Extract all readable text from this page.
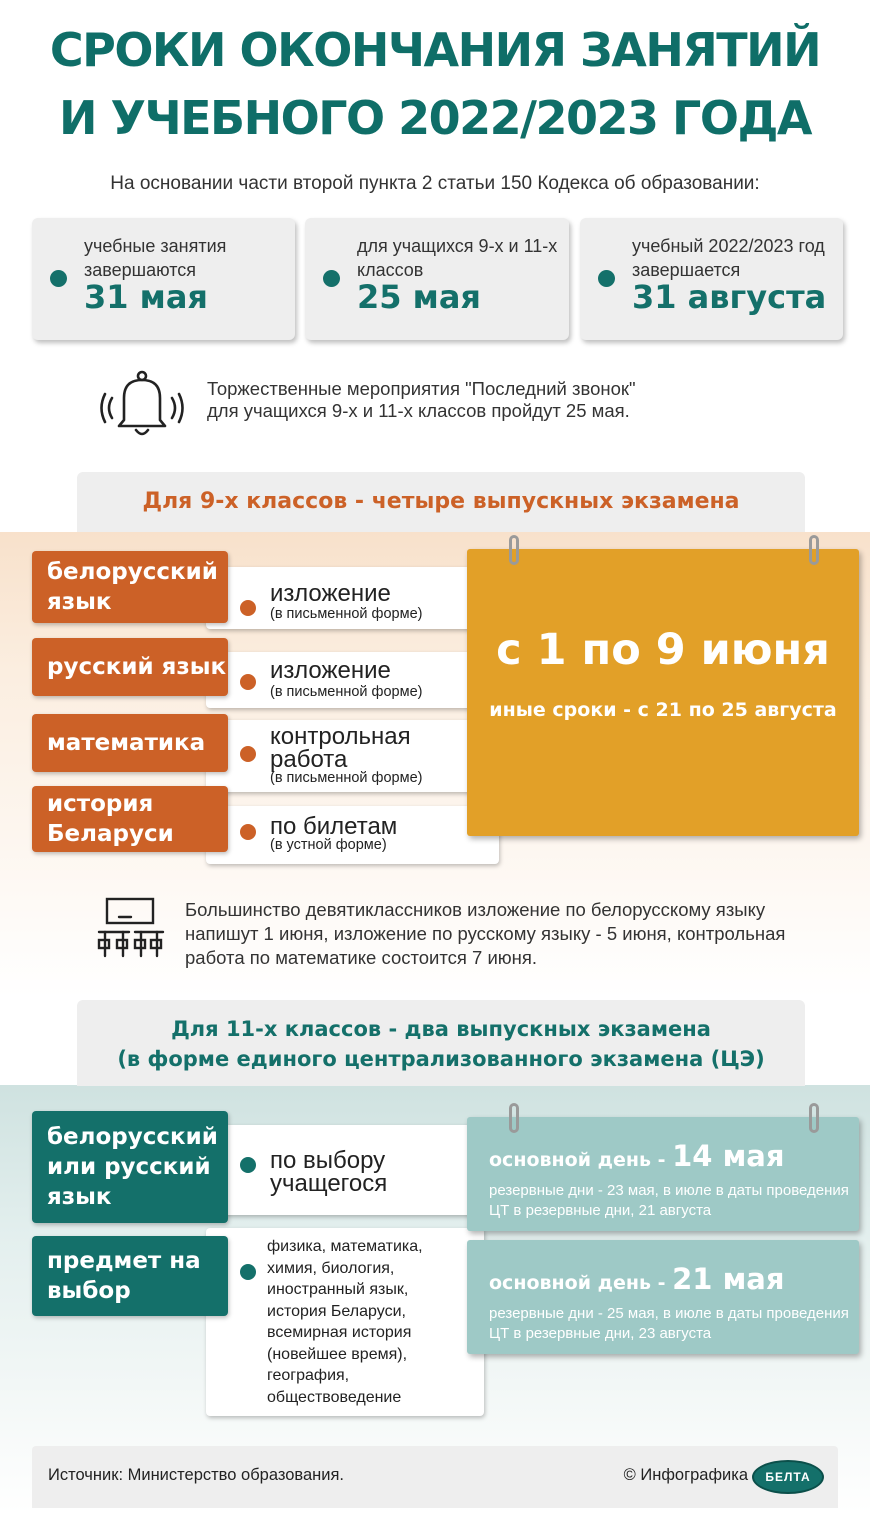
СРОКИ ОКОНЧАНИЯ ЗАНЯТИЙ
И УЧЕБНОГО 2022/2023 ГОДА
На основании части второй пункта 2 статьи 150 Кодекса об образовании:
учебные занятия завершаются
31 мая
для учащихся 9-х и 11-х классов
25 мая
учебный 2022/2023 год завершается
31 августа
Торжественные мероприятия "Последний звонок"
для учащихся 9-х и 11-х классов пройдут 25 мая.
Для 9-х классов - четыре выпускных экзамена
изложение
(в письменной форме)
изложение
(в письменной форме)
контрольная работа
(в письменной форме)
по билетам
(в устной форме)
белорусский язык
русский язык
математика
история Беларуси
с 1 по 9 июня
иные сроки - с 21 по 25 августа
Большинство девятиклассников изложение по белорусскому языку напишут 1 июня, изложение по русскому языку - 5 июня, контрольная работа по математике состоится 7 июня.
Для 11-х классов - два выпускных экзамена
(в форме единого централизованного экзамена (ЦЭ)
по выбору учащегося
физика, математика, химия, биология, иностранный язык, история Беларуси, всемирная история (новейшее время), география, обществоведение
белорусский или русский язык
предмет на выбор
основной день - 14 мая
резервные дни - 23 мая, в июле в даты проведения ЦТ в резервные дни, 21 августа
основной день - 21 мая
резервные дни - 25 мая, в июле в даты проведения ЦТ в резервные дни, 23 августа
Источник: Министерство образования.	© Инфографика	БЕЛТА
